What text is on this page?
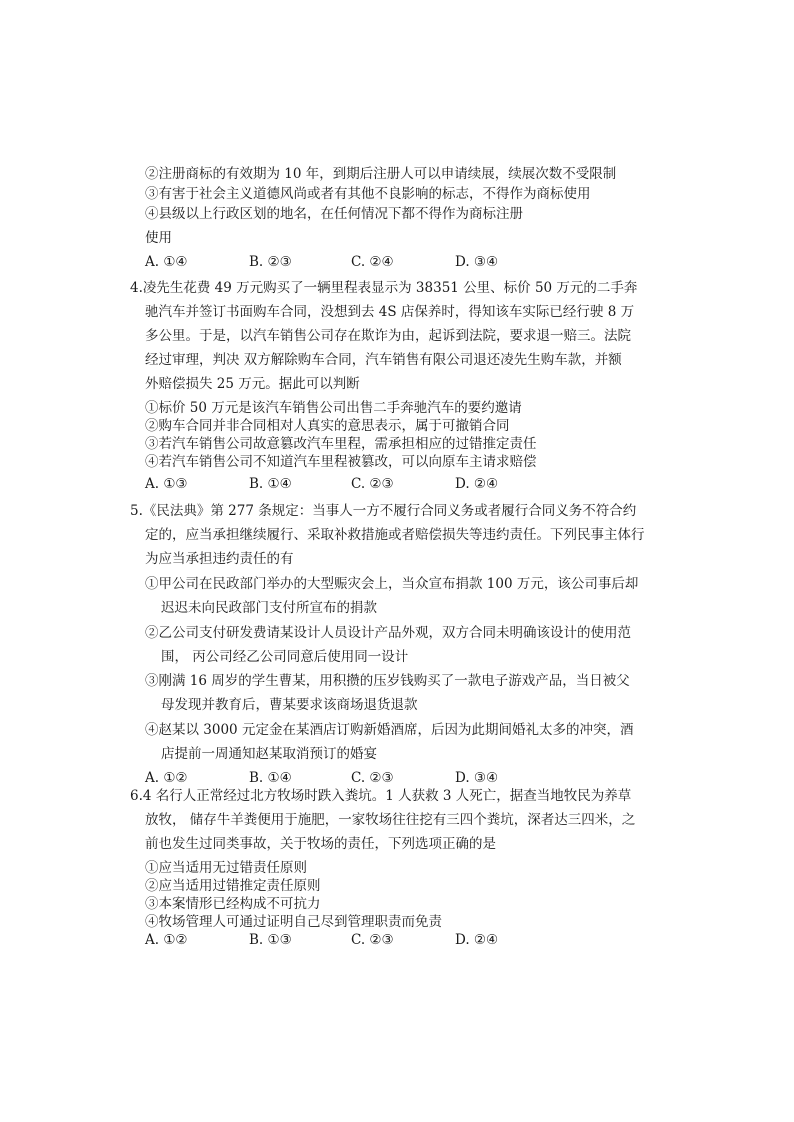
②注册商标的有效期为 10 年，到期后注册人可以申请续展，续展次数不受限制
③有害于社会主义道德风尚或者有其他不良影响的标志，不得作为商标使用
④县级以上行政区划的地名，在任何情况下都不得作为商标注册
使用
A. ①④	B. ②③	C. ②④	D. ③④
4.凌先生花费 49 万元购买了一辆里程表显示为 38351 公里、标价 50 万元的二手奔
驰汽车并签订书面购车合同，没想到去 4S 店保养时，得知该车实际已经行驶 8 万
多公里。于是，以汽车销售公司存在欺诈为由，起诉到法院，要求退一赔三。法院
经过审理，判决 双方解除购车合同，汽车销售有限公司退还凌先生购车款，并额
外赔偿损失 25 万元。据此可以判断
①标价 50 万元是该汽车销售公司出售二手奔驰汽车的要约邀请
②购车合同并非合同相对人真实的意思表示，属于可撤销合同
③若汽车销售公司故意篡改汽车里程，需承担相应的过错推定责任
④若汽车销售公司不知道汽车里程被篡改，可以向原车主请求赔偿
A. ①③	B. ①④	C. ②③	D. ②④
5.《民法典》第 277 条规定：当事人一方不履行合同义务或者履行合同义务不符合约
定的，应当承担继续履行、采取补救措施或者赔偿损失等违约责任。下列民事主体行
为应当承担违约责任的有
①甲公司在民政部门举办的大型赈灾会上，当众宣布捐款 100 万元，该公司事后却
迟迟未向民政部门支付所宣布的捐款
②乙公司支付研发费请某设计人员设计产品外观，双方合同未明确该设计的使用范
围， 丙公司经乙公司同意后使用同一设计
③刚满 16 周岁的学生曹某，用积攒的压岁钱购买了一款电子游戏产品，当日被父
母发现并教育后，曹某要求该商场退货退款
④赵某以 3000 元定金在某酒店订购新婚酒席，后因为此期间婚礼太多的冲突，酒
店提前一周通知赵某取消预订的婚宴
A. ①②	B. ①④	C. ②③	D. ③④
6.4 名行人正常经过北方牧场时跌入粪坑。1 人获救 3 人死亡，据查当地牧民为养草
放牧， 储存牛羊粪便用于施肥，一家牧场往往挖有三四个粪坑，深者达三四米，之
前也发生过同类事故，关于牧场的责任，下列选项正确的是
①应当适用无过错责任原则
②应当适用过错推定责任原则
③本案情形已经构成不可抗力
④牧场管理人可通过证明自己尽到管理职责而免责
A. ①②	B. ①③	C. ②③	D. ②④
